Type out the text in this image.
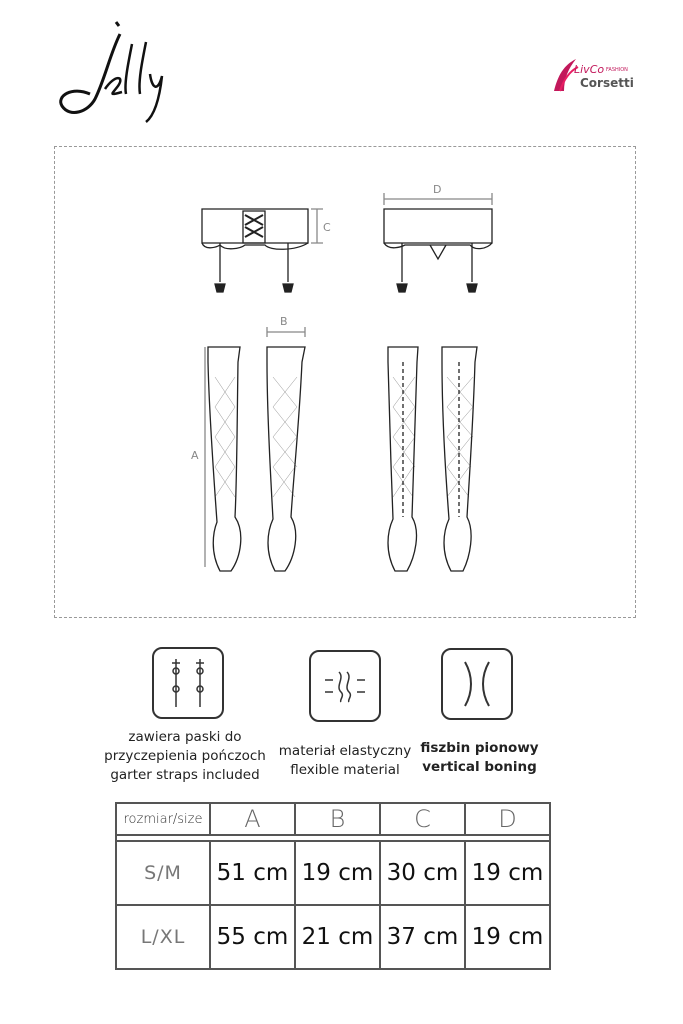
LivCo FASHION
Corsetti
C
D
B
A
zawiera paski do
przyczepienia pończoch
garter straps included
materiał elastyczny
flexible material
fiszbin pionowy
vertical boning
rozmiar/size	A	B	C	D

S/M	51 cm	19 cm	30 cm	19 cm
L/XL	55 cm	21 cm	37 cm	19 cm
